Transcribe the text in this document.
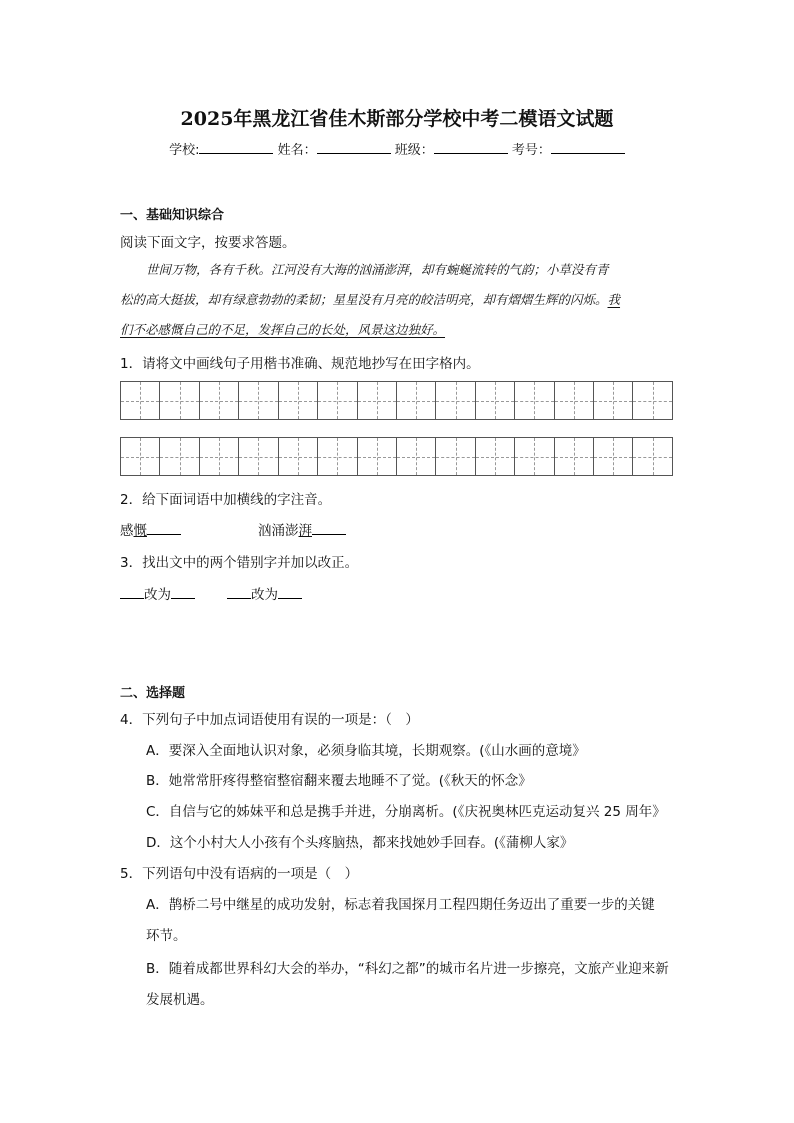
2025年黑龙江省佳木斯部分学校中考二模语文试题
学校:	姓名：	班级：	考号：
一、基础知识综合
阅读下面文字，按要求答题。
世间万物，各有千秋。江河没有大海的汹涌澎湃，却有蜿蜒流转的气韵；小草没有青
松的高大挺拔，却有绿意勃勃的柔韧；星星没有月亮的皎洁明亮，却有熠熠生辉的闪烁。我
们不必感慨自己的不足，发挥自己的长处，风景这边独好。
1．请将文中画线句子用楷书准确、规范地抄写在田字格内。
2．给下面词语中加横线的字注音。
感慨	汹涌澎湃
3．找出文中的两个错别字并加以改正。
改为	改为
二、选择题
4．下列句子中加点词语使用有误的一项是：（　）
A．要深入全面地认识对象，必须身临其境，长期观察。(《山水画的意境》
B．她常常肝疼得整宿整宿翻来覆去地睡不了觉。(《秋天的怀念》
C．自信与它的姊妹平和总是携手并进，分崩离析。(《庆祝奥林匹克运动复兴 25 周年》
D．这个小村大人小孩有个头疼脑热，都来找她妙手回春。(《蒲柳人家》
5．下列语句中没有语病的一项是（　）
A．鹊桥二号中继星的成功发射，标志着我国探月工程四期任务迈出了重要一步的关键
环节。
B．随着成都世界科幻大会的举办，“科幻之都”的城市名片进一步擦亮，文旅产业迎来新
发展机遇。
